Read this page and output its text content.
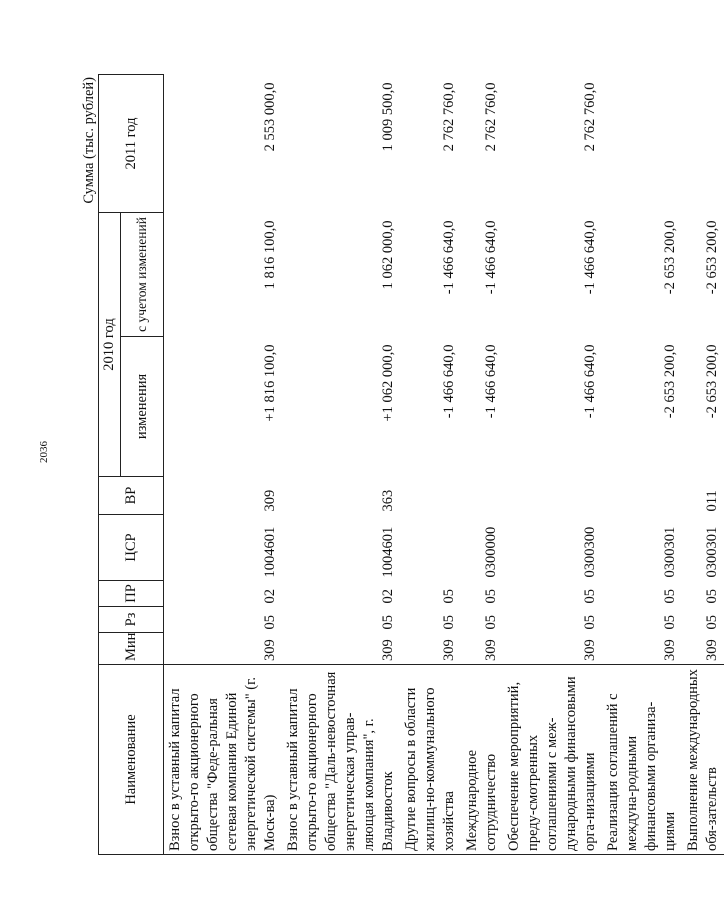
2036
Сумма (тыс. рублей)
Наименование	Мин	Рз	ПР	ЦСР	ВР	2010 год		2011 год
						изменения	с учетом изменений	
Взнос в уставный капитал открыто-го акционерного общества "Феде-ральная сетевая компания Единой энергетической системы" (г. Моск-ва)	309	05	02	1004601	309	+1 816 100,0	1 816 100,0	2 553 000,0
Взнос в уставный капитал открыто-го акционерного общества "Даль-невосточная энергетическая управ-ляющая компания", г. Владивосток	309	05	02	1004601	363	+1 062 000,0	1 062 000,0	1 009 500,0
Другие вопросы в области жилищ-но-коммунального хозяйства	309	05	05			-1 466 640,0	-1 466 640,0	2 762 760,0
Международное сотрудничество	309	05	05	0300000		-1 466 640,0	-1 466 640,0	2 762 760,0
Обеспечение мероприятий, преду-смотренных соглашениями с меж-дународными финансовыми орга-низациями	309	05	05	0300300		-1 466 640,0	-1 466 640,0	2 762 760,0
Реализация соглашений с междуна-родными финансовыми организа-циями	309	05	05	0300301		-2 653 200,0	-2 653 200,0	
Выполнение международных обя-зательств	309	05	05	0300301	011	-2 653 200,0	-2 653 200,0	
